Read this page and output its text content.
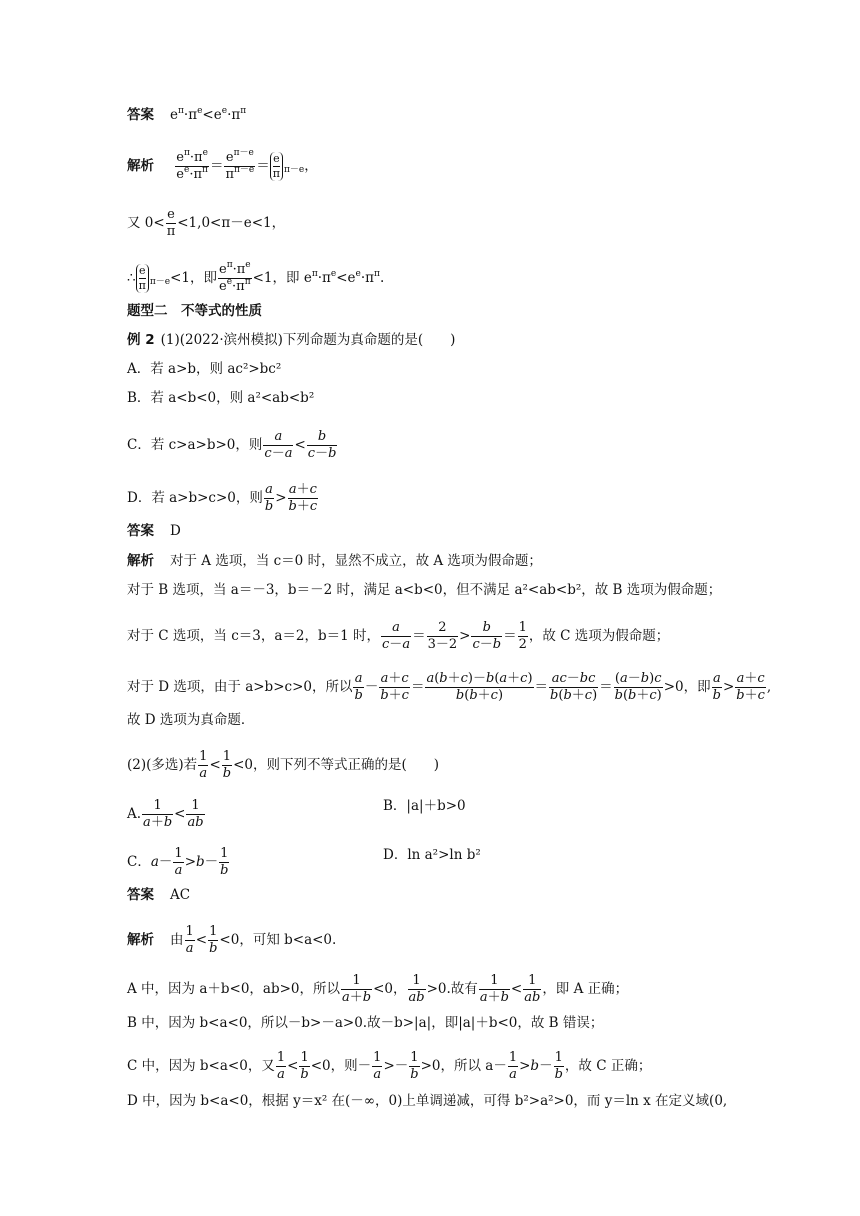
答案 $e^\pi\cdot\pi^e<e^e\cdot\pi^\pi$
解析 $\frac{e^\pi\cdot\pi^e}{e^e\cdot\pi^\pi} = \frac{e^{\pi-e}}{\pi^{\pi-e}} = \frac{e}{\pi} \pi-e$，
又 $0< \frac{e}{\pi} <1,0<\pi-e<1$，
∴ $\frac{e}{\pi} \pi-e<1$，即 $\frac{e^\pi\cdot\pi^e}{e^e\cdot\pi^\pi} <1$，即 $e^\pi\cdot\pi^e<e^e\cdot\pi^\pi$.
题型二　不等式的性质
例 2 (1)(2022·滨州模拟)下列命题为真命题的是(　　)
A．若 a>b，则 ac²>bc²
B．若 a<b<0，则 a²<ab<b²
C．若 c>a>b>0，则 $\frac{a}{c-a} < \frac{b}{c-b}$
D．若 a>b>c>0，则 $\frac{a}{b} > \frac{a+c}{b+c}$
答案 D
解析 对于 A 选项，当 c＝0 时，显然不成立，故 A 选项为假命题；
对于 B 选项，当 a＝－3，b＝－2 时，满足 a<b<0，但不满足 a²<ab<b²，故 B 选项为假命题；
对于 C 选项，当 c＝3，a＝2，b＝1 时， $\frac{a}{c-a} = \frac{2}{3-2} > \frac{b}{c-b} = \frac{1}{2}$ ，故 C 选项为假命题；
对于 D 选项，由于 a>b>c>0，所以 $\frac{a}{b} - \frac{a+c}{b+c} = \frac{a(b+c)-b(a+c)}{b(b+c)} = \frac{ac-bc}{b(b+c)} = \frac{(a-b)c}{b(b+c)} >0$，即 $\frac{a}{b} > \frac{a+c}{b+c}$ ,
故 D 选项为真命题．
(2)(多选)若 $\frac{1}{a} < \frac{1}{b} <0$，则下列不等式正确的是(　　)
A. $\frac{1}{a+b} < \frac{1}{ab}$	B．|a|＋b>0
C．$a- \frac{1}{a} >b- \frac{1}{b}$	D．ln a²>ln b²
答案 AC
解析 由 $\frac{1}{a} < \frac{1}{b} <0$，可知 b<a<0.
A 中，因为 a＋b<0，ab>0，所以 $\frac{1}{a+b} <0$， $\frac{1}{ab} >0$.故有 $\frac{1}{a+b} < \frac{1}{ab}$ ，即 A 正确；
B 中，因为 b<a<0，所以－b>－a>0.故－b>|a|，即|a|＋b<0，故 B 错误；
C 中，因为 b<a<0，又 $\frac{1}{a} < \frac{1}{b} <0$，则－ $\frac{1}{a} >- \frac{1}{b} >0$，所以 $a- \frac{1}{a} >b- \frac{1}{b}$ ，故 C 正确；
D 中，因为 b<a<0，根据 y＝x² 在(－∞，0)上单调递减，可得 b²>a²>0，而 y＝ln x 在定义域(0,
